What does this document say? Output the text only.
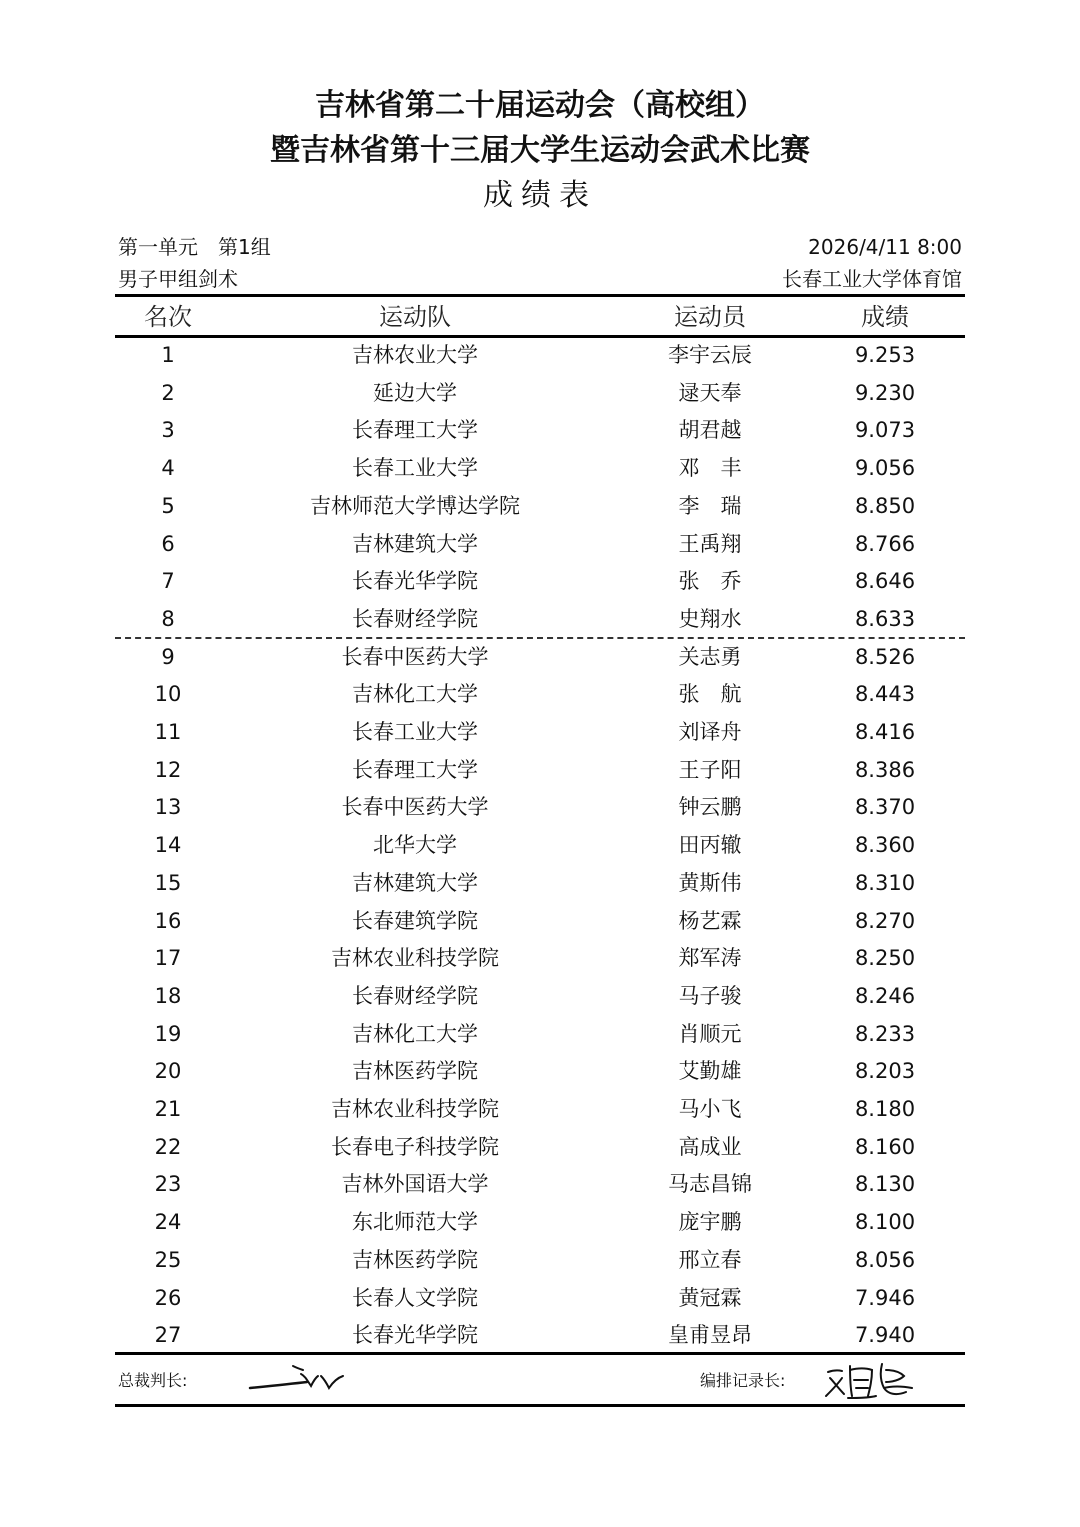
吉林省第二十届运动会（高校组）
暨吉林省第十三届大学生运动会武术比赛
成绩表
第一单元　第1组	2026/4/11 8:00
男子甲组剑术	长春工业大学体育馆
名次	运动队	运动员	成绩
1	吉林农业大学	李宇云辰	9.253
2	延边大学	逯天奉	9.230
3	长春理工大学	胡君越	9.073
4	长春工业大学	邓　丰	9.056
5	吉林师范大学博达学院	李　瑞	8.850
6	吉林建筑大学	王禹翔	8.766
7	长春光华学院	张　乔	8.646
8	长春财经学院	史翔水	8.633
9	长春中医药大学	关志勇	8.526
10	吉林化工大学	张　航	8.443
11	长春工业大学	刘译舟	8.416
12	长春理工大学	王子阳	8.386
13	长春中医药大学	钟云鹏	8.370
14	北华大学	田丙辙	8.360
15	吉林建筑大学	黄斯伟	8.310
16	长春建筑学院	杨艺霖	8.270
17	吉林农业科技学院	郑军涛	8.250
18	长春财经学院	马子骏	8.246
19	吉林化工大学	肖顺元	8.233
20	吉林医药学院	艾勤雄	8.203
21	吉林农业科技学院	马小飞	8.180
22	长春电子科技学院	高成业	8.160
23	吉林外国语大学	马志昌锦	8.130
24	东北师范大学	庞宇鹏	8.100
25	吉林医药学院	邢立春	8.056
26	长春人文学院	黄冠霖	7.946
27	长春光华学院	皇甫昱昂	7.940
总裁判长:	编排记录长:
